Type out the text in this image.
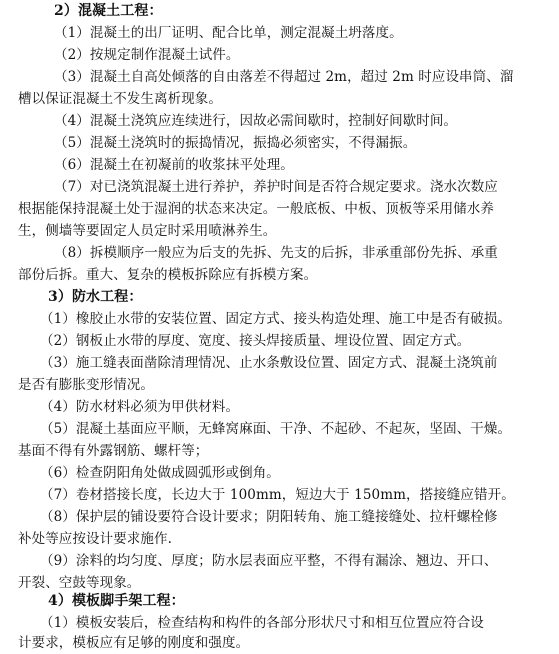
2）混凝土工程：
（1）混凝土的出厂证明、配合比单，测定混凝土坍落度。
（2）按规定制作混凝土试件。
（3）混凝土自高处倾落的自由落差不得超过 2m，超过 2m 时应设串筒、溜
槽以保证混凝土不发生离析现象。
（4）混凝土浇筑应连续进行，因故必需间歇时，控制好间歇时间。
（5）混凝土浇筑时的振捣情况，振捣必须密实，不得漏振。
（6）混凝土在初凝前的收浆抹平处理。
（7）对已浇筑混凝土进行养护，养护时间是否符合规定要求。浇水次数应
根据能保持混凝土处于湿润的状态来决定。一般底板、中板、顶板等采用储水养
生，侧墙等要固定人员定时采用喷淋养生。
（8）拆模顺序一般应为后支的先拆、先支的后拆，非承重部份先拆、承重
部份后拆。重大、复杂的模板拆除应有拆模方案。
3）防水工程：
（1）橡胶止水带的安装位置、固定方式、接头构造处理、施工中是否有破损。
（2）钢板止水带的厚度、宽度、接头焊接质量、埋设位置、固定方式。
（3）施工缝表面凿除清理情况、止水条敷设位置、固定方式、混凝土浇筑前
是否有膨胀变形情况。
（4）防水材料必须为甲供材料。
（5）混凝土基面应平顺，无蜂窝麻面、干净、不起砂、不起灰，坚固、干燥。
基面不得有外露钢筋、螺杆等；
（6）检查阴阳角处做成圆弧形或倒角。
（7）卷材搭接长度，长边大于 100mm，短边大于 150mm，搭接缝应错开。
（8）保护层的铺设要符合设计要求；阴阳转角、施工缝接缝处、拉杆螺栓修
补处等应按设计要求施作.
（9）涂料的均匀度、厚度；防水层表面应平整，不得有漏涂、翘边、开口、
开裂、空鼓等现象。
4）模板脚手架工程：
（1）模板安装后，检查结构和构件的各部分形状尺寸和相互位置应符合设
计要求，模板应有足够的刚度和强度。
